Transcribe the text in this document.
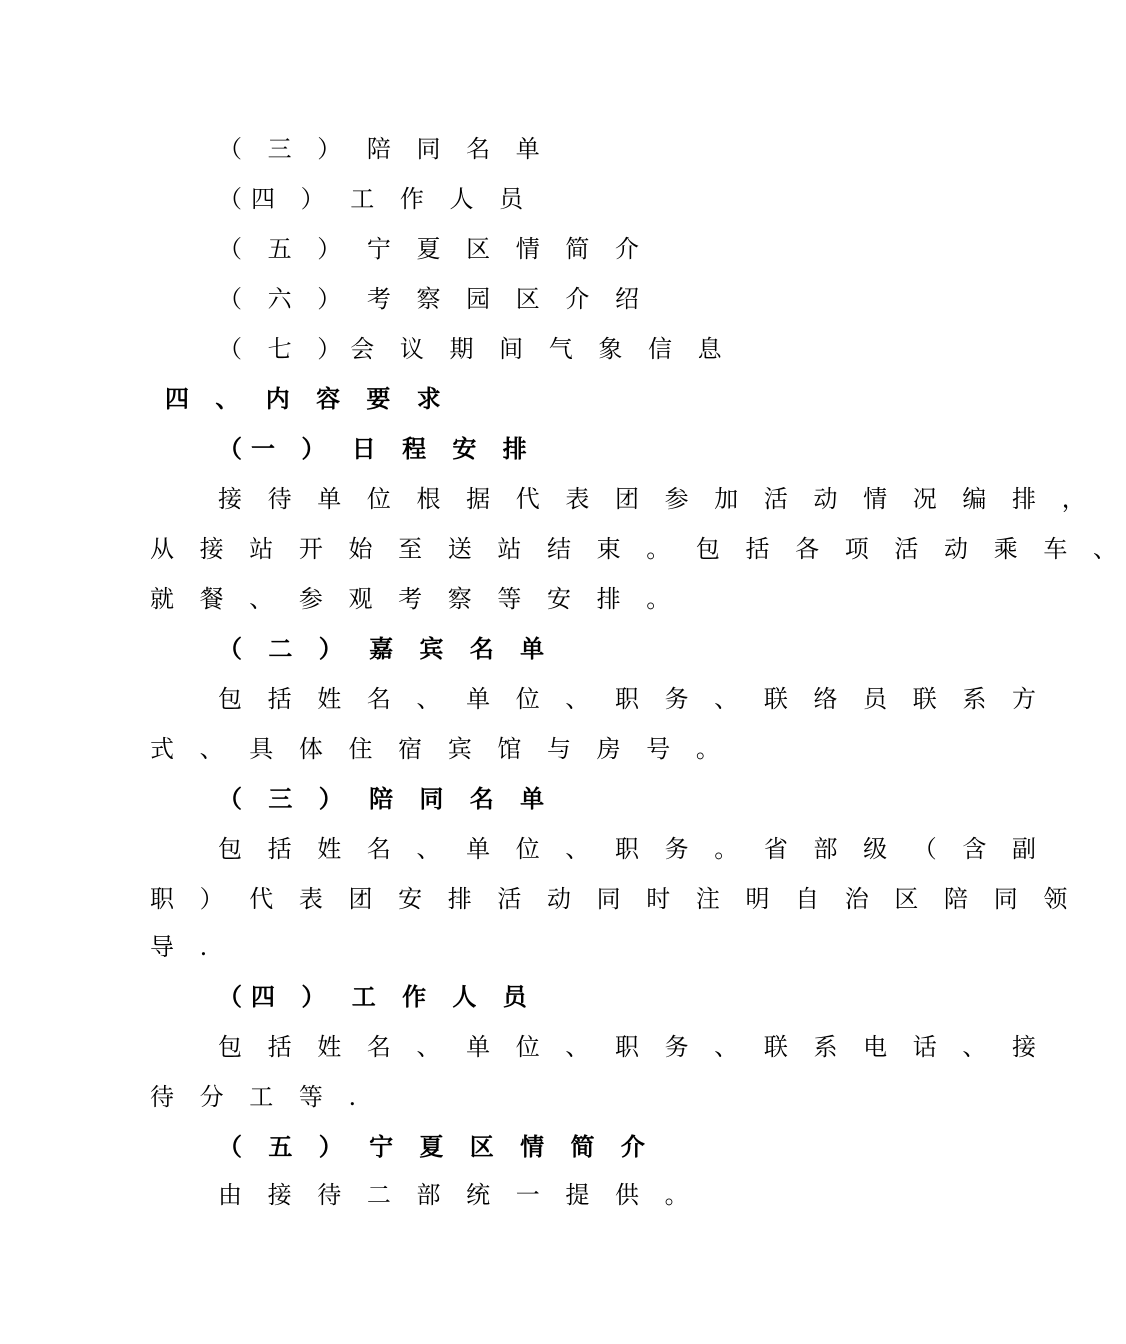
（ 三 ） 陪 同 名 单
（四 ） 工 作 人 员
（ 五 ） 宁 夏 区 情 简 介
（ 六 ） 考 察 园 区 介 绍
（ 七 ）会 议 期 间 气 象 信 息
四 、 内 容 要 求
（一 ） 日 程 安 排
接 待 单 位 根 据 代 表 团 参 加 活 动 情 况 编 排 ，
从 接 站 开 始 至 送 站 结 束 。 包 括 各 项 活 动 乘 车 、
就 餐 、 参 观 考 察 等 安 排 。
（ 二 ） 嘉 宾 名 单
包 括 姓 名 、 单 位 、 职 务 、 联 络 员 联 系 方
式 、 具 体 住 宿 宾 馆 与 房 号 。
（ 三 ） 陪 同 名 单
包 括 姓 名 、 单 位 、 职 务 。 省 部 级 （ 含 副
职 ） 代 表 团 安 排 活 动 同 时 注 明 自 治 区 陪 同 领
导 .
（四 ） 工 作 人 员
包 括 姓 名 、 单 位 、 职 务 、 联 系 电 话 、 接
待 分 工 等 .
（ 五 ） 宁 夏 区 情 简 介
由 接 待 二 部 统 一 提 供 。
